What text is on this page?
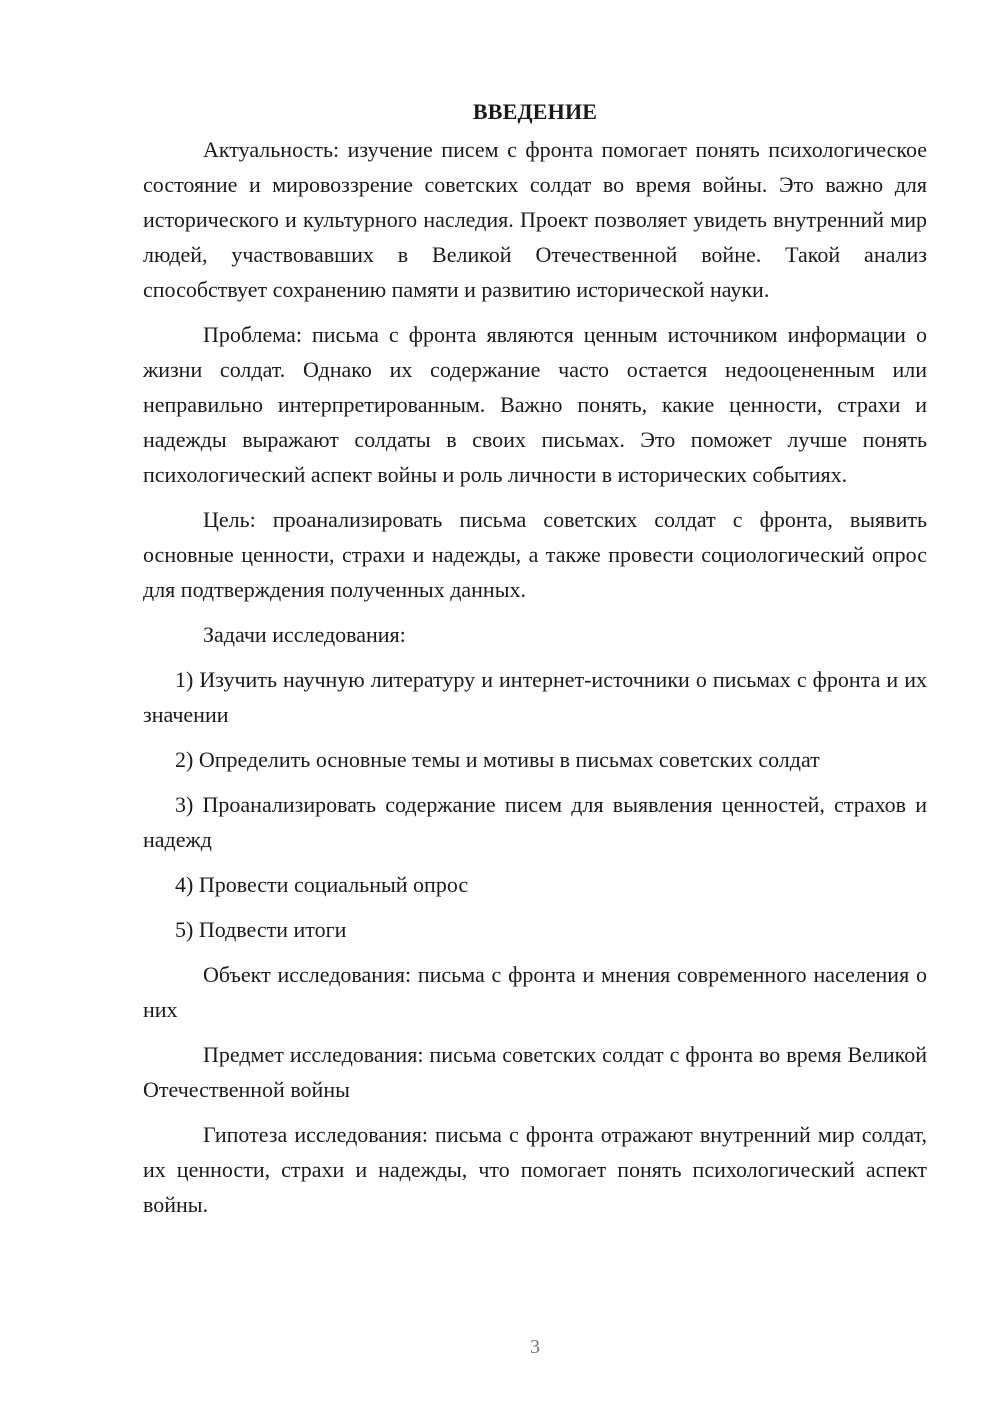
ВВЕДЕНИЕ

Актуальность: изучение писем с фронта помогает понять психологическое состояние и мировоззрение советских солдат во время войны. Это важно для исторического и культурного наследия. Проект позволяет увидеть внутренний мир людей, участвовавших в Великой Отечественной войне. Такой анализ способствует сохранению памяти и развитию исторической науки.

Проблема: письма с фронта являются ценным источником информации о жизни солдат. Однако их содержание часто остается недооцененным или неправильно интерпретированным. Важно понять, какие ценности, страхи и надежды выражают солдаты в своих письмах. Это поможет лучше понять психологический аспект войны и роль личности в исторических событиях.

Цель: проанализировать письма советских солдат с фронта, выявить основные ценности, страхи и надежды, а также провести социологический опрос для подтверждения полученных данных.

Задачи исследования:

1) Изучить научную литературу и интернет-источники о письмах с фронта и их значении

2) Определить основные темы и мотивы в письмах советских солдат

3) Проанализировать содержание писем для выявления ценностей, страхов и надежд

4) Провести социальный опрос

5) Подвести итоги

Объект исследования: письма с фронта и мнения современного населения о них

Предмет исследования: письма советских солдат с фронта во время Великой Отечественной войны

Гипотеза исследования: письма с фронта отражают внутренний мир солдат, их ценности, страхи и надежды, что помогает понять психологический аспект войны.

3
